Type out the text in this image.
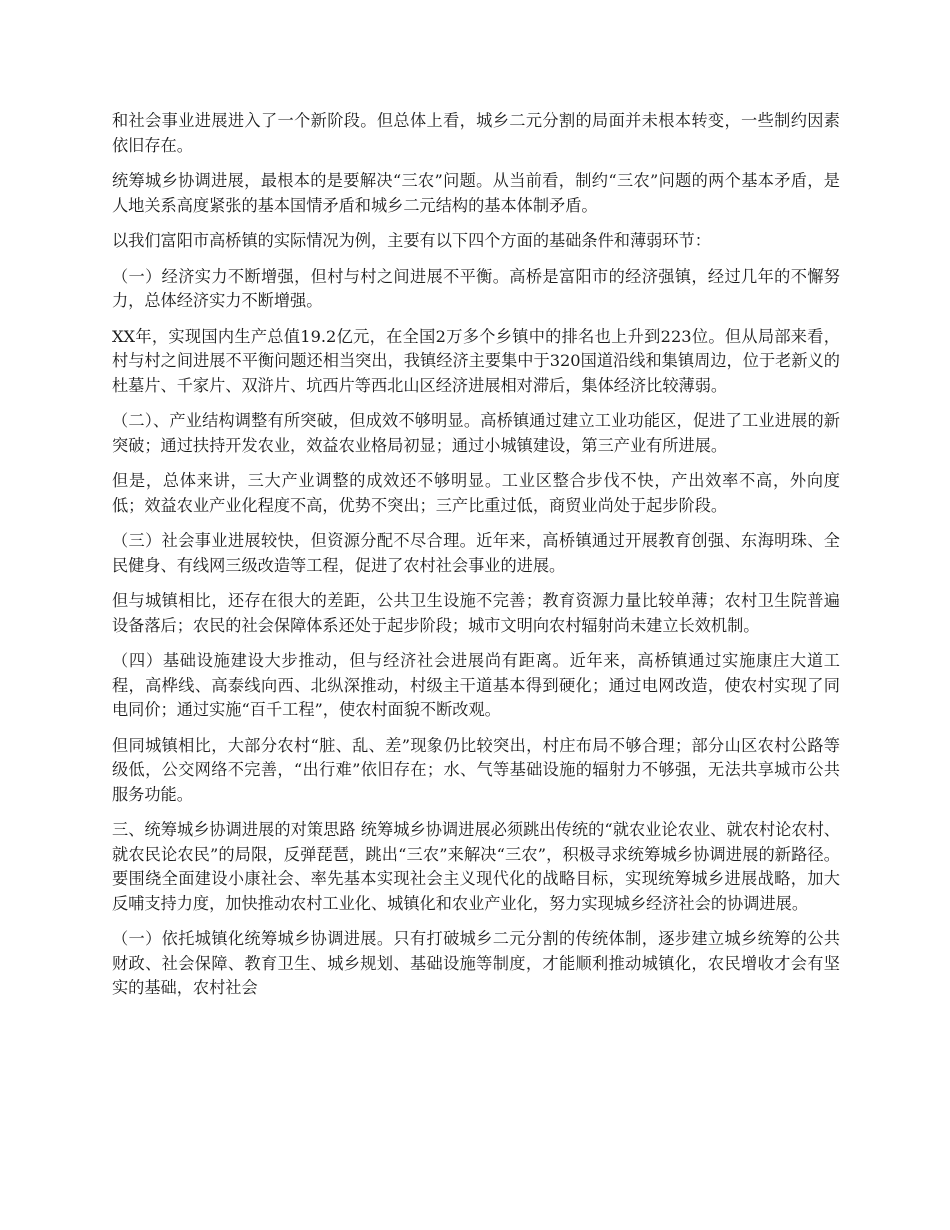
和社会事业进展进入了一个新阶段。但总体上看，城乡二元分割的局面并未根本转变，一些制约因素依旧存在。

统筹城乡协调进展，最根本的是要解决“三农”问题。从当前看，制约“三农”问题的两个基本矛盾，是人地关系高度紧张的基本国情矛盾和城乡二元结构的基本体制矛盾。

以我们富阳市高桥镇的实际情况为例，主要有以下四个方面的基础条件和薄弱环节：

（一）经济实力不断增强，但村与村之间进展不平衡。高桥是富阳市的经济强镇，经过几年的不懈努力，总体经济实力不断增强。

XX年，实现国内生产总值19.2亿元，在全国2万多个乡镇中的排名也上升到223位。但从局部来看，村与村之间进展不平衡问题还相当突出，我镇经济主要集中于320国道沿线和集镇周边，位于老新义的杜墓片、千家片、双浒片、坑西片等西北山区经济进展相对滞后，集体经济比较薄弱。

（二）、产业结构调整有所突破，但成效不够明显。高桥镇通过建立工业功能区，促进了工业进展的新突破；通过扶持开发农业，效益农业格局初显；通过小城镇建设，第三产业有所进展。

但是，总体来讲，三大产业调整的成效还不够明显。工业区整合步伐不快，产出效率不高，外向度低；效益农业产业化程度不高，优势不突出；三产比重过低，商贸业尚处于起步阶段。

（三）社会事业进展较快，但资源分配不尽合理。近年来，高桥镇通过开展教育创强、东海明珠、全民健身、有线网三级改造等工程，促进了农村社会事业的进展。

但与城镇相比，还存在很大的差距，公共卫生设施不完善；教育资源力量比较单薄；农村卫生院普遍设备落后；农民的社会保障体系还处于起步阶段；城市文明向农村辐射尚未建立长效机制。

（四）基础设施建设大步推动，但与经济社会进展尚有距离。近年来，高桥镇通过实施康庄大道工程，高桦线、高泰线向西、北纵深推动，村级主干道基本得到硬化；通过电网改造，使农村实现了同电同价；通过实施“百千工程”，使农村面貌不断改观。

但同城镇相比，大部分农村“脏、乱、差”现象仍比较突出，村庄布局不够合理；部分山区农村公路等级低，公交网络不完善，“出行难”依旧存在；水、气等基础设施的辐射力不够强，无法共享城市公共服务功能。

三、统筹城乡协调进展的对策思路 统筹城乡协调进展必须跳出传统的“就农业论农业、就农村论农村、就农民论农民”的局限，反弹琵琶，跳出“三农”来解决“三农”，积极寻求统筹城乡协调进展的新路径。要围绕全面建设小康社会、率先基本实现社会主义现代化的战略目标，实现统筹城乡进展战略，加大反哺支持力度，加快推动农村工业化、城镇化和农业产业化，努力实现城乡经济社会的协调进展。

（一）依托城镇化统筹城乡协调进展。只有打破城乡二元分割的传统体制，逐步建立城乡统筹的公共财政、社会保障、教育卫生、城乡规划、基础设施等制度，才能顺利推动城镇化，农民增收才会有坚实的基础，农村社会
